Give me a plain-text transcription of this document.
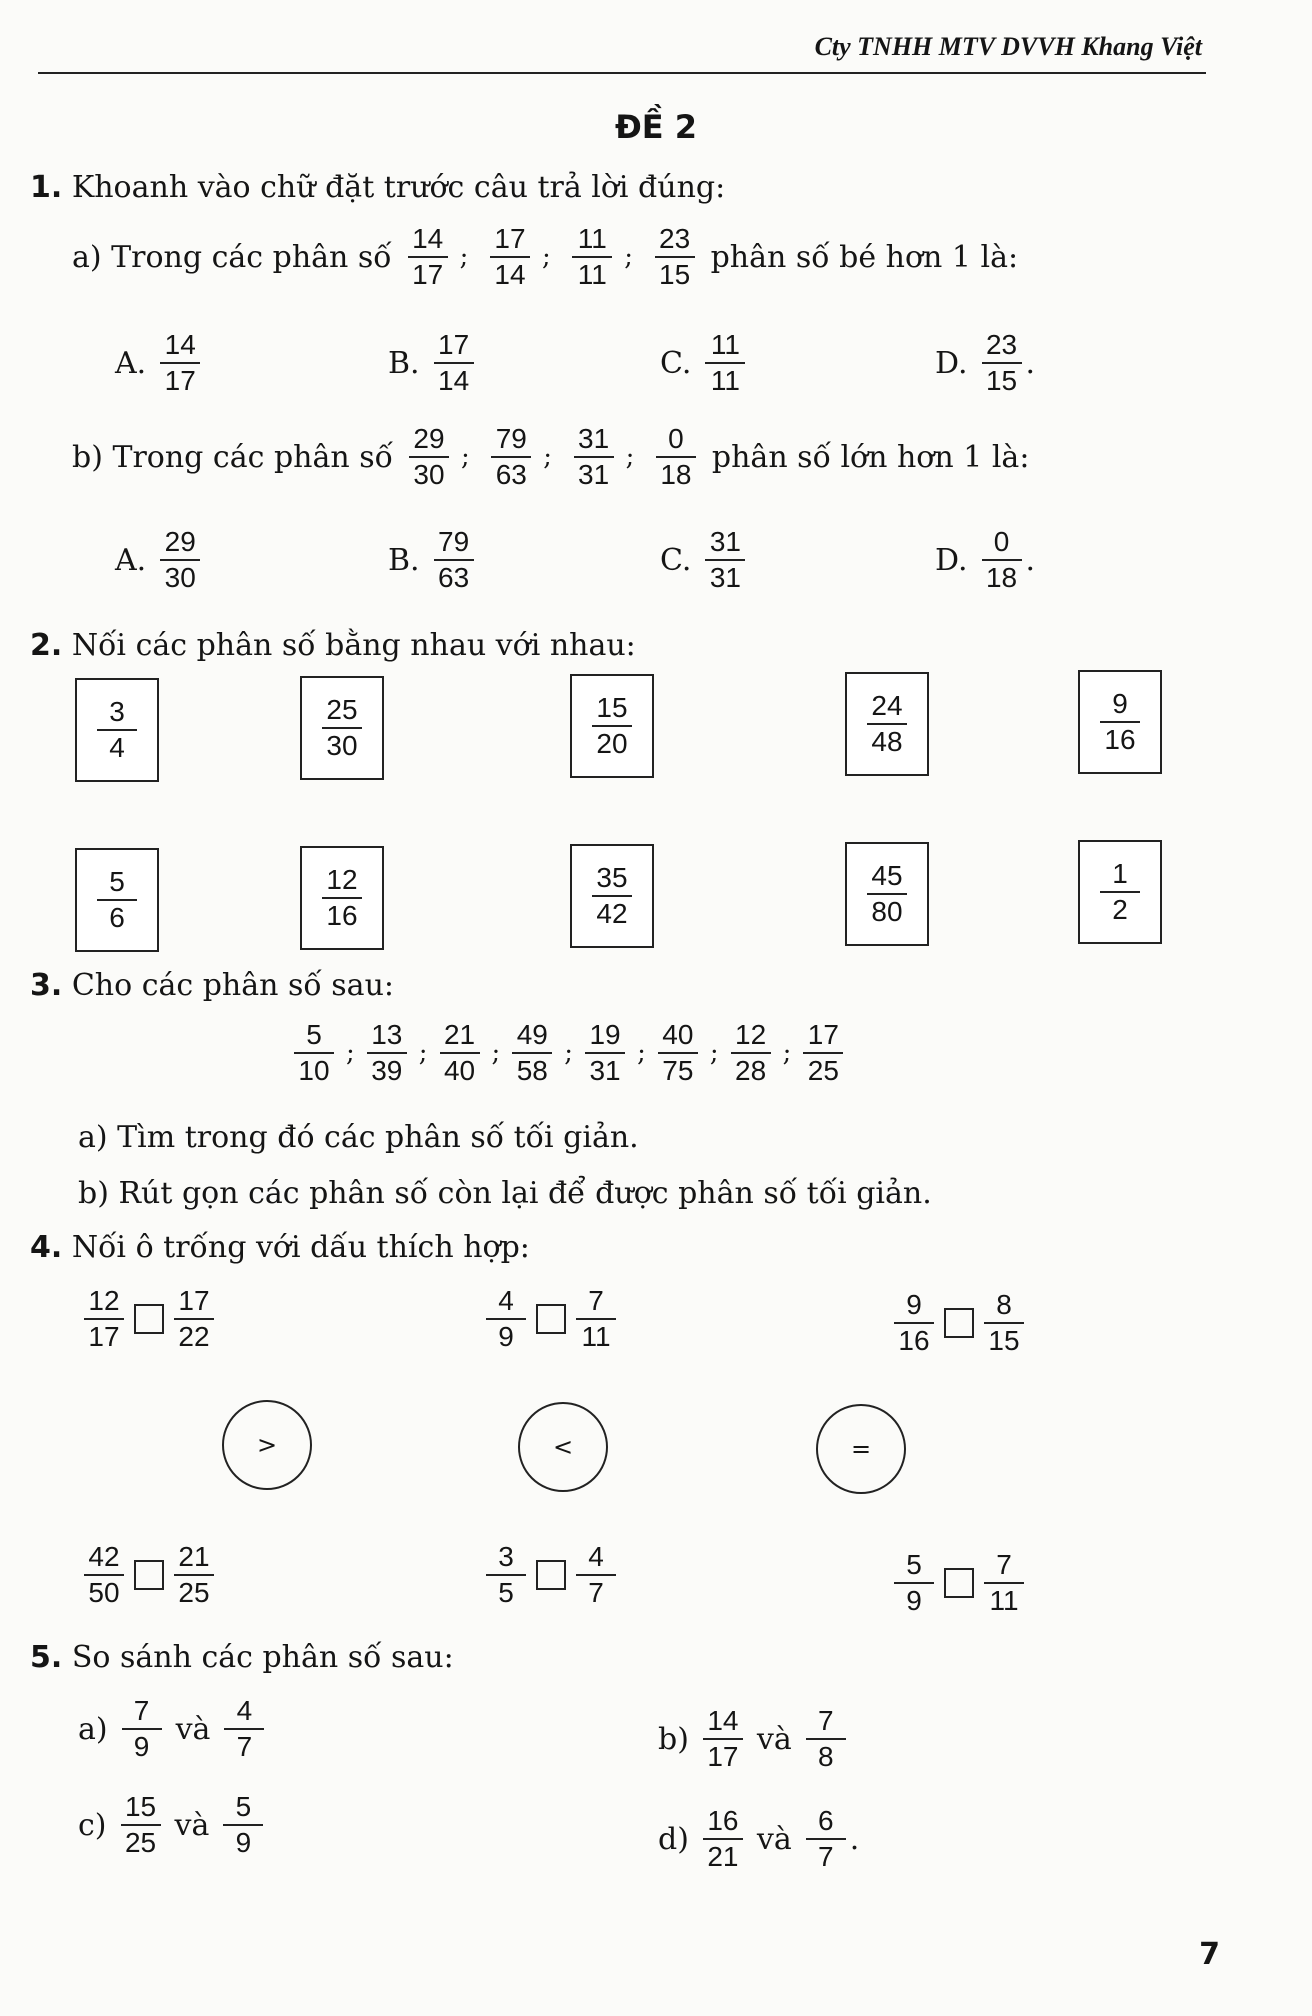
Cty TNHH MTV DVVH Khang Việt
ĐỀ 2
1. Khoanh vào chữ đặt trước câu trả lời đúng:
a) Trong các phân số $\frac{14}{17}$ ; $\frac{17}{14}$ ; $\frac{11}{11}$ ; $\frac{23}{15}$ phân số bé hơn 1 là:
A.
14
17	B.
17
14	C.
11
11	D.
23
15 .
b) Trong các phân số $\frac{29}{30}$ ; $\frac{79}{63}$ ; $\frac{31}{31}$ ; $\frac{0}{18}$ phân số lớn hơn 1 là:
A.
29
30	B.
79
63	C.
31
31	D.
0
18 .
2. Nối các phân số bằng nhau với nhau:
3
4
25
30
15
20
24
48
9
16
5
6
12
16
35
42
45
80
1
2
3. Cho các phân số sau:
5
10
;
13
39
;
21
40
;
49
58
;
19
31
;
40
75
;
12
28
;
17
25
a) Tìm trong đó các phân số tối giản.
b) Rút gọn các phân số còn lại để được phân số tối giản.
4. Nối ô trống với dấu thích hợp:
12
17
17
22
4
9
7
11
9
16
8
15
>	<	=
42
50
21
25
3
5
4
7
5
9
7
11
5. So sánh các phân số sau:
a)
7
9 và
4
7	b)
14
17 và
7
8
c)
15
25 và
5
9	d)
16
21 và
6
7 .
7
